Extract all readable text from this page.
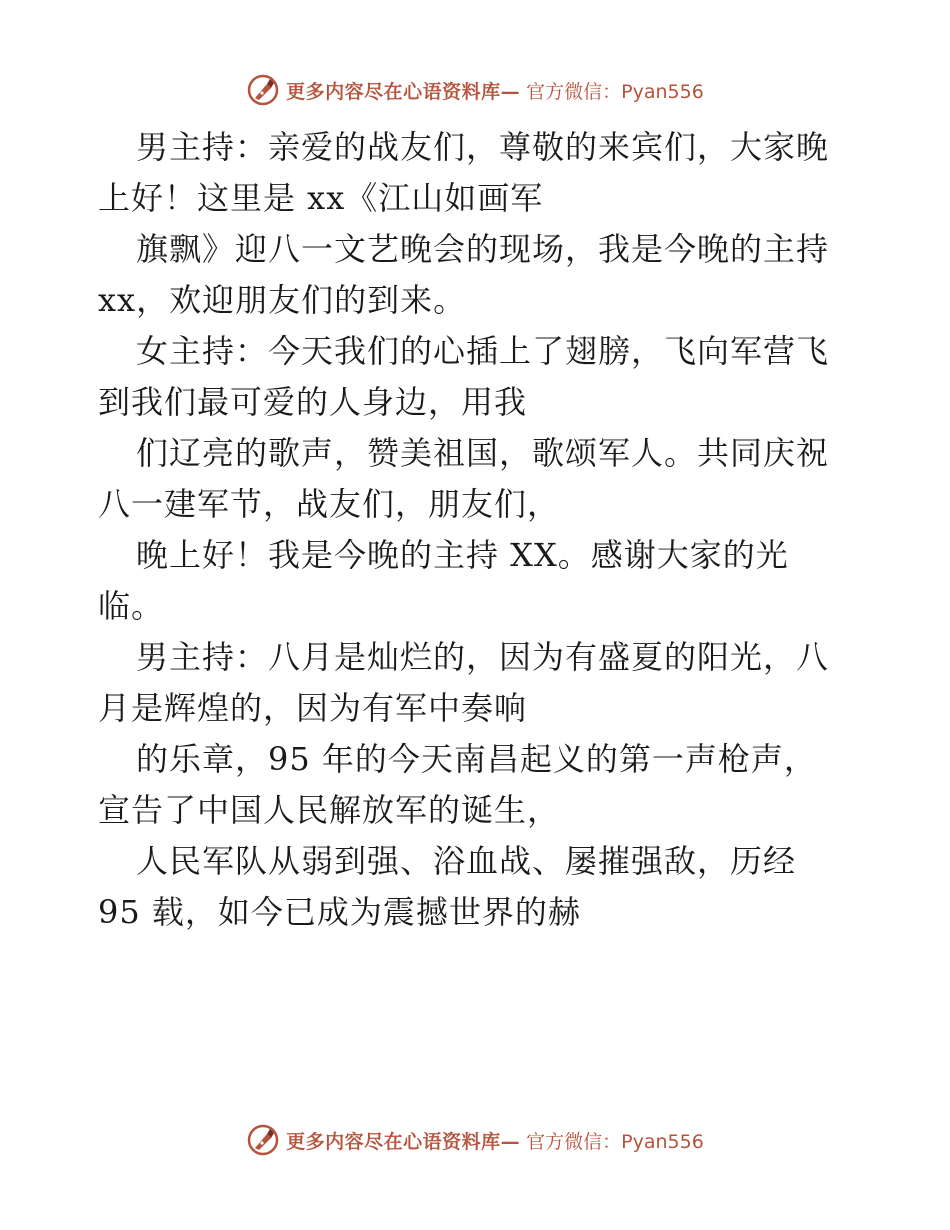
更多内容尽在心语资料库— 官方微信：Pyan556
男主持：亲爱的战友们，尊敬的来宾们，大家晚
上好！这里是 xx《江山如画军
旗飘》迎八一文艺晚会的现场，我是今晚的主持
xx，欢迎朋友们的到来。
女主持：今天我们的心插上了翅膀，飞向军营飞
到我们最可爱的人身边，用我
们辽亮的歌声，赞美祖国，歌颂军人。共同庆祝
八一建军节，战友们，朋友们，
晚上好！我是今晚的主持 XX。感谢大家的光
临。
男主持：八月是灿烂的，因为有盛夏的阳光，八
月是辉煌的，因为有军中奏响
的乐章，95 年的今天南昌起义的第一声枪声，
宣告了中国人民解放军的诞生，
人民军队从弱到强、浴血战、屡摧强敌，历经
95 载，如今已成为震撼世界的赫
更多内容尽在心语资料库— 官方微信：Pyan556
